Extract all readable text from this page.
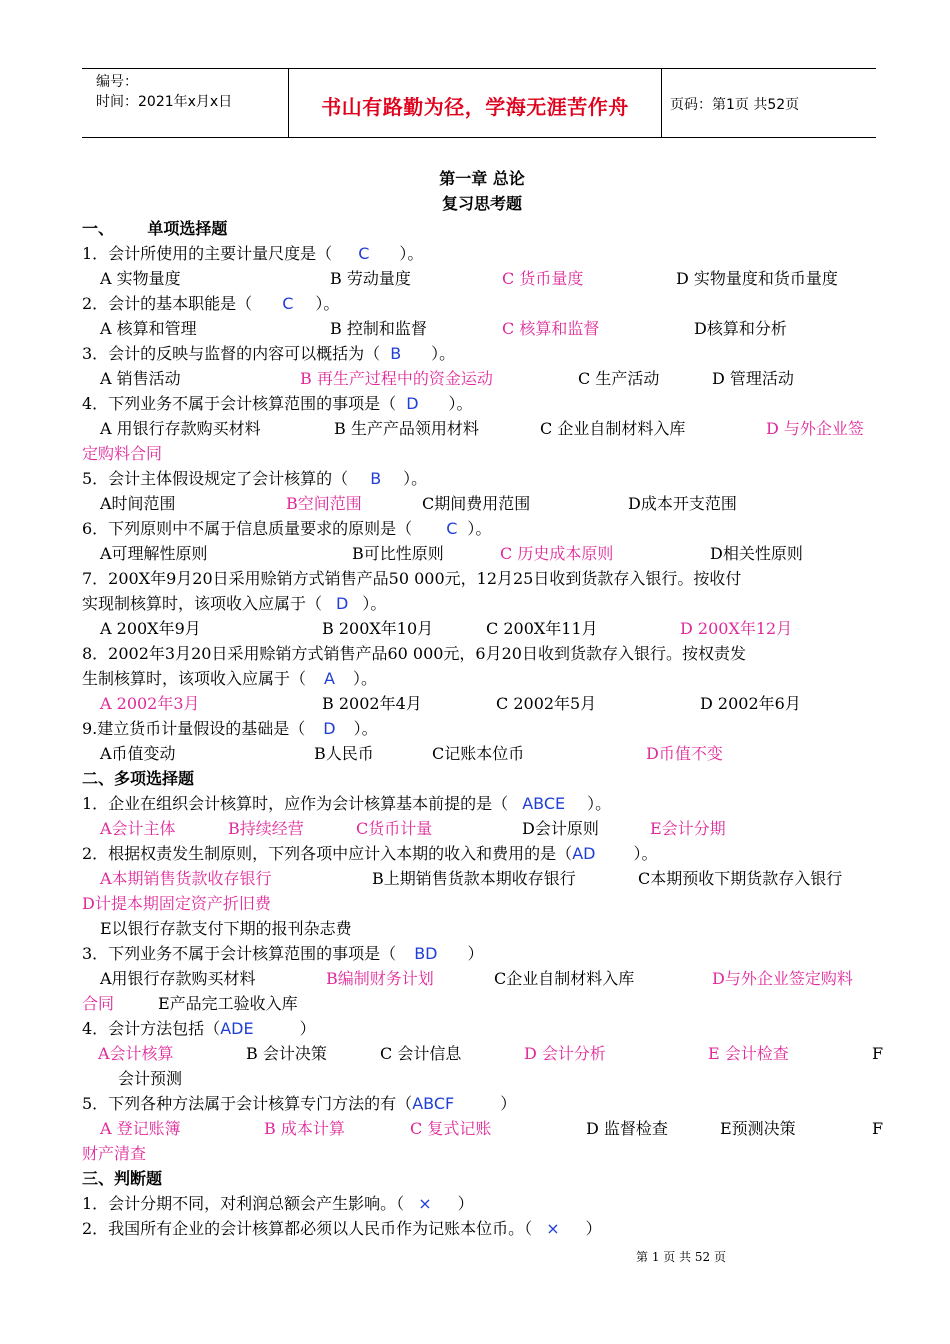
编号：
时间：2021年x月x日	书山有路勤为径，学海无涯苦作舟	页码：第1页 共52页
第一章 总论
复习思考题
一、      单项选择题
1．会计所使用的主要计量尺度是（ C ）。
A 实物量度	B 劳动量度	C 货币量度	D 实物量度和货币量度
2．会计的基本职能是（ C ）。
A 核算和管理	B 控制和监督	C 核算和监督	D核算和分析
3．会计的反映与监督的内容可以概括为（ B ）。
A 销售活动	B 再生产过程中的资金运动	C 生产活动	D 管理活动
4．下列业务不属于会计核算范围的事项是（ D ）。
A 用银行存款购买材料	B 生产产品领用材料	C 企业自制材料入库	D 与外企业签
定购料合同
5．会计主体假设规定了会计核算的（ B ）。
A时间范围	B空间范围	C期间费用范围	D成本开支范围
6．下列原则中不属于信息质量要求的原则是（ C ）。
A可理解性原则	B可比性原则	C 历史成本原则	D相关性原则
7．200X年9月20日采用赊销方式销售产品50 000元，12月25日收到货款存入银行。按收付
实现制核算时，该项收入应属于（ D ）。
A 200X年9月	B 200X年10月	C 200X年11月	D 200X年12月
8．2002年3月20日采用赊销方式销售产品60 000元，6月20日收到货款存入银行。按权责发
生制核算时，该项收入应属于（ A ）。
A 2002年3月	B 2002年4月	C 2002年5月	D 2002年6月
9.建立货币计量假设的基础是（ D ）。
A币值变动	B人民币	C记账本位币	D币值不变
二、多项选择题
1．企业在组织会计核算时，应作为会计核算基本前提的是（ ABCE ）。
A会计主体	B持续经营	C货币计量	D会计原则	E会计分期
2．根据权责发生制原则，下列各项中应计入本期的收入和费用的是（AD ）。
A本期销售货款收存银行	B上期销售货款本期收存银行	C本期预收下期货款存入银行
D计提本期固定资产折旧费
E以银行存款支付下期的报刊杂志费
3．下列业务不属于会计核算范围的事项是（ BD ）
A用银行存款购买材料	B编制财务计划	C企业自制材料入库	D与外企业签定购料
合同	E产品完工验收入库
4．会计方法包括（ADE	）
A会计核算	B 会计决策	C 会计信息	D 会计分析	E 会计检查	F
会计预测
5．下列各种方法属于会计核算专门方法的有（ABCF	）
A 登记账簿	B 成本计算	C 复式记账	D 监督检查	E预测决策	F
财产清查
三、判断题
1．会计分期不同，对利润总额会产生影响。（ × ）
2．我国所有企业的会计核算都必须以人民币作为记账本位币。（ × ）
第 1 页 共 52 页
